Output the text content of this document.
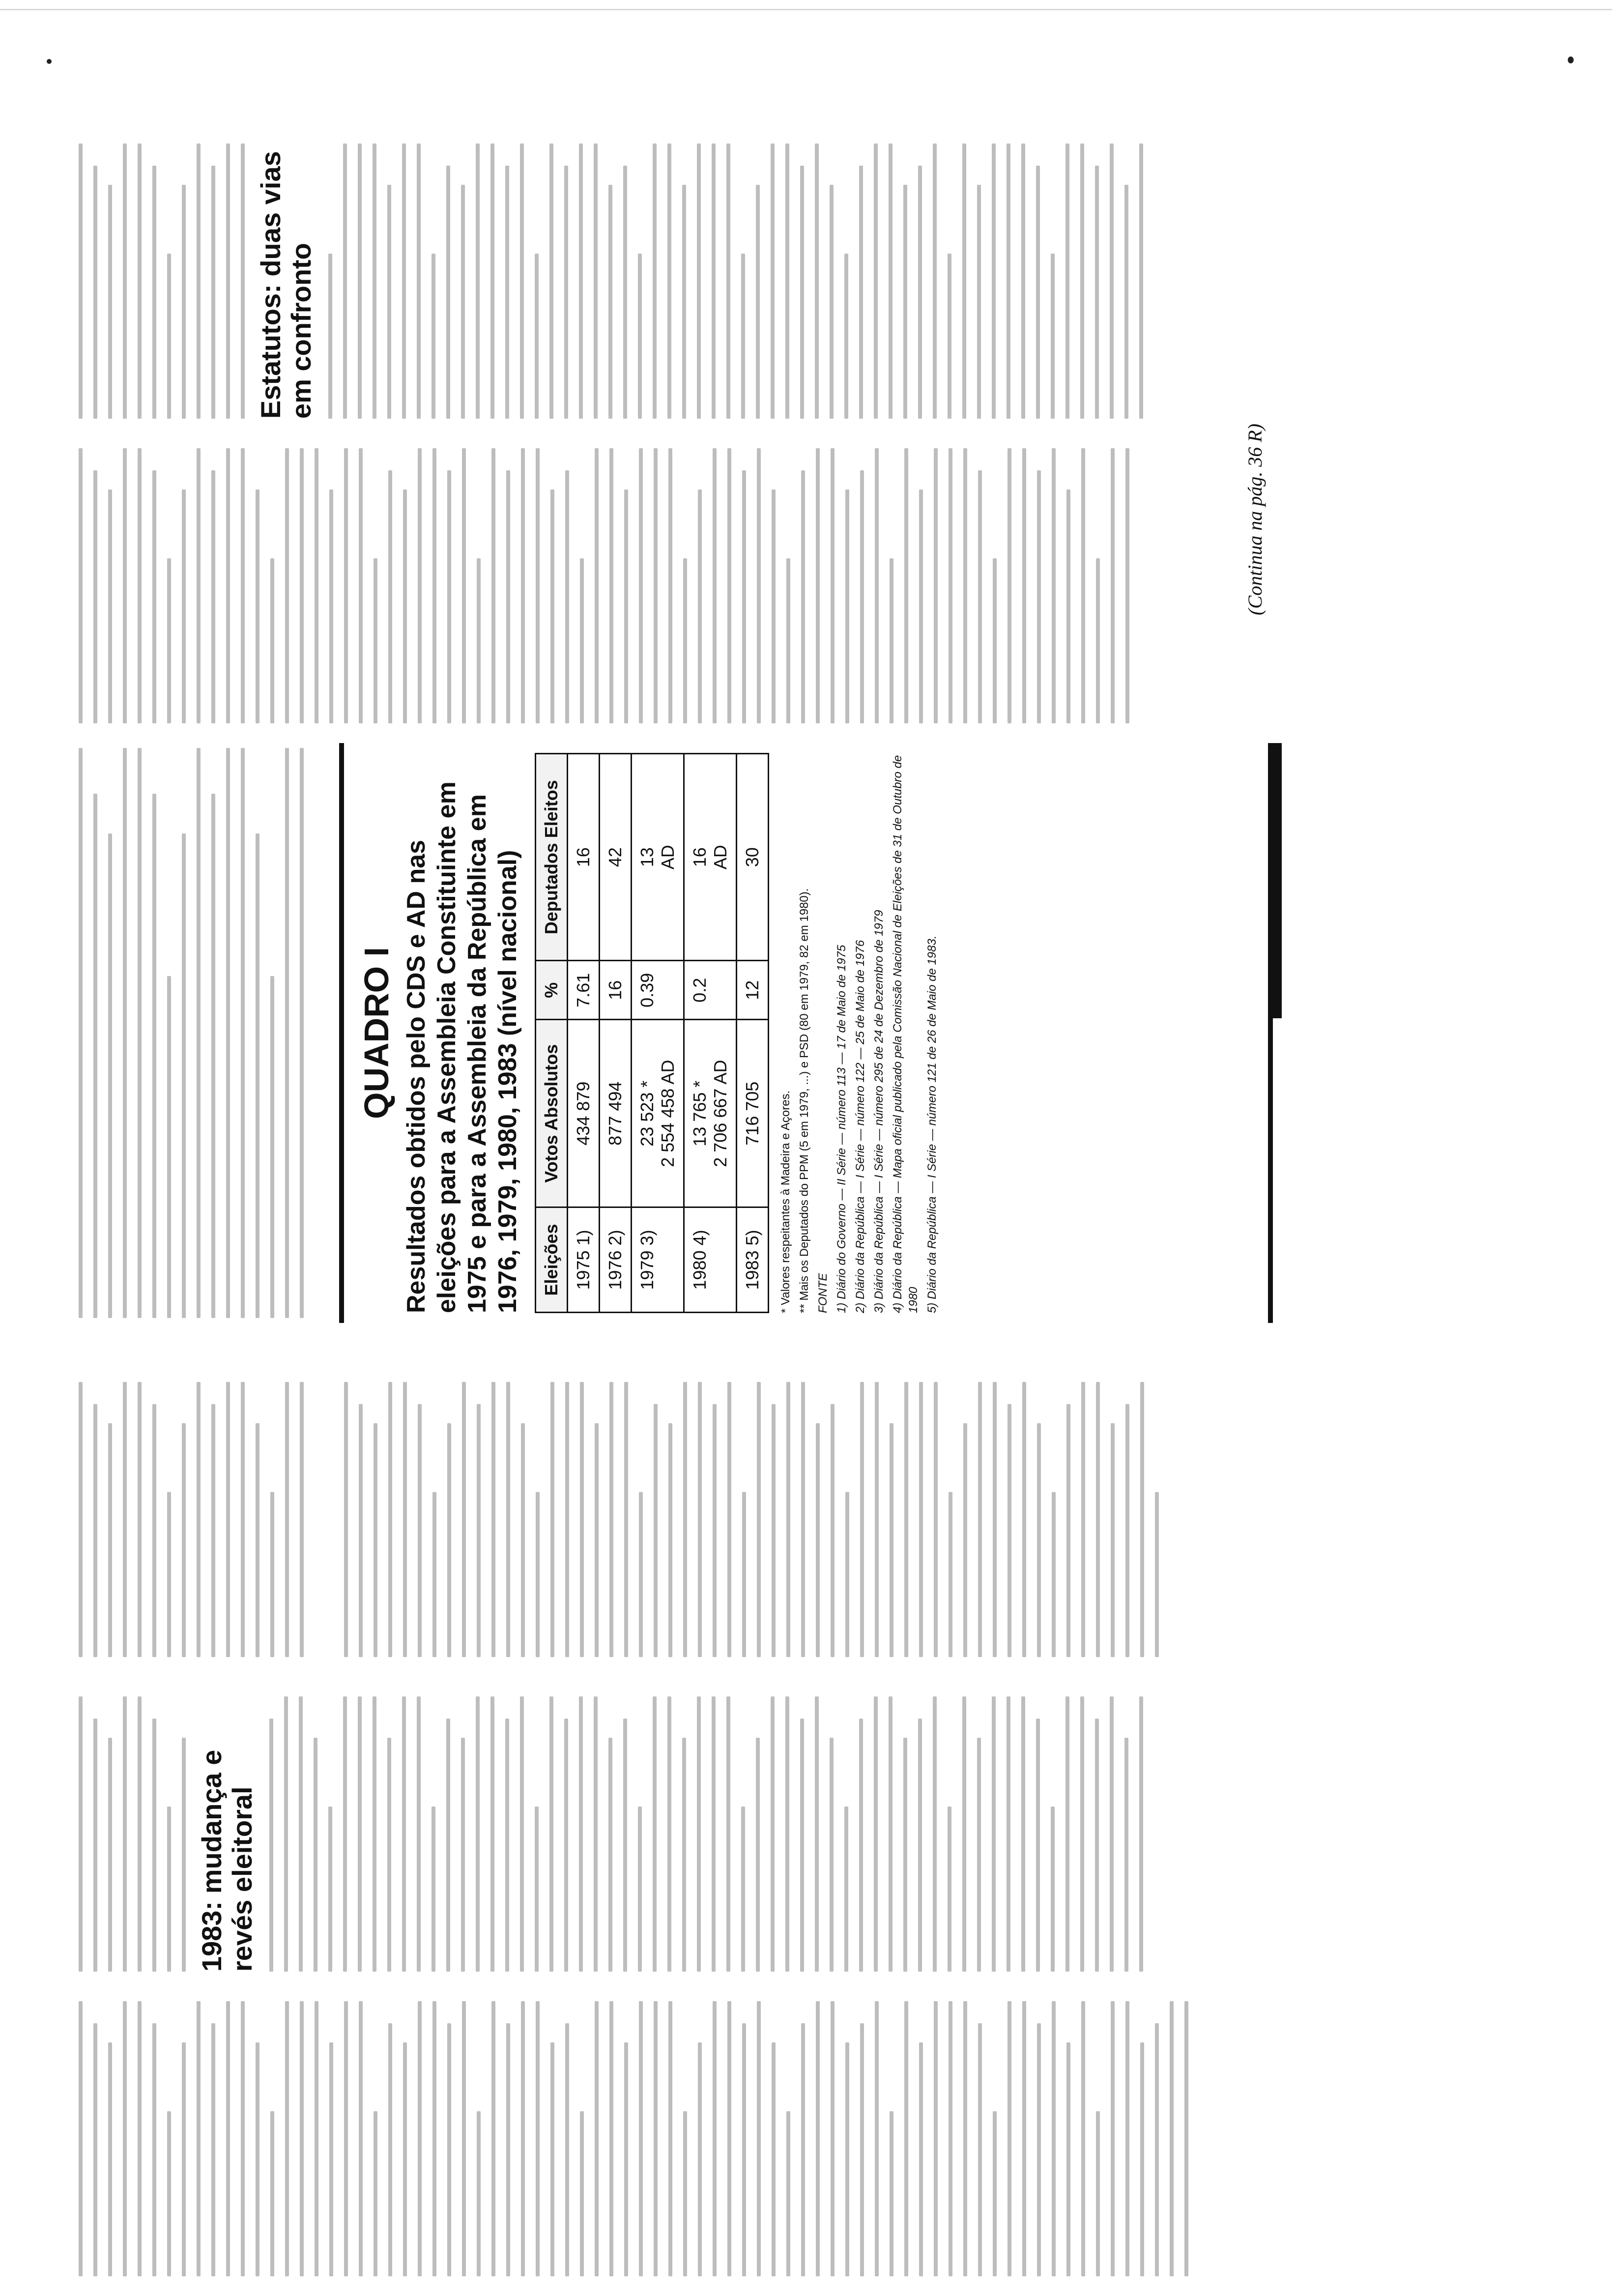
1983: mudança e revés eleitoral
QUADRO I Resultados obtidos pelo CDS e AD nas eleições para a Assembleia Constituinte em 1975 e para a Assembleia da República em 1976, 1979, 1980, 1983 (nível nacional) Eleições	Votos Absolutos	%	Deputados Eleitos
1975 1)	434 879	7.61	16
1976 2)	877 494	16	42
1979 3)	23 523 * 2 554 458 AD	0.39	13 AD

1980 4)	13 765 * 2 706 667 AD	0.2	16 AD

1983 5)	716 705	12	30
* Valores respeitantes à Madeira e Açores. ** Mais os Deputados do PPM (5 em 1979, ...) e PSD (80 em 1979, 82 em 1980). FONTE 1) Diário do Governo — II Série — número 113 — 17 de Maio de 1975 2) Diário da República — I Série — número 122 — 25 de Maio de 1976 3) Diário da República — I Série — número 295 de 24 de Dezembro de 1979 4) Diário da República — Mapa oficial publicado pela Comissão Nacional de Eleições de 31 de Outubro de 1980 5) Diário da República — I Série — número 121 de 26 de Maio de 1983.
Estatutos: duas vias em confronto
(Continua na pág. 36 R)
